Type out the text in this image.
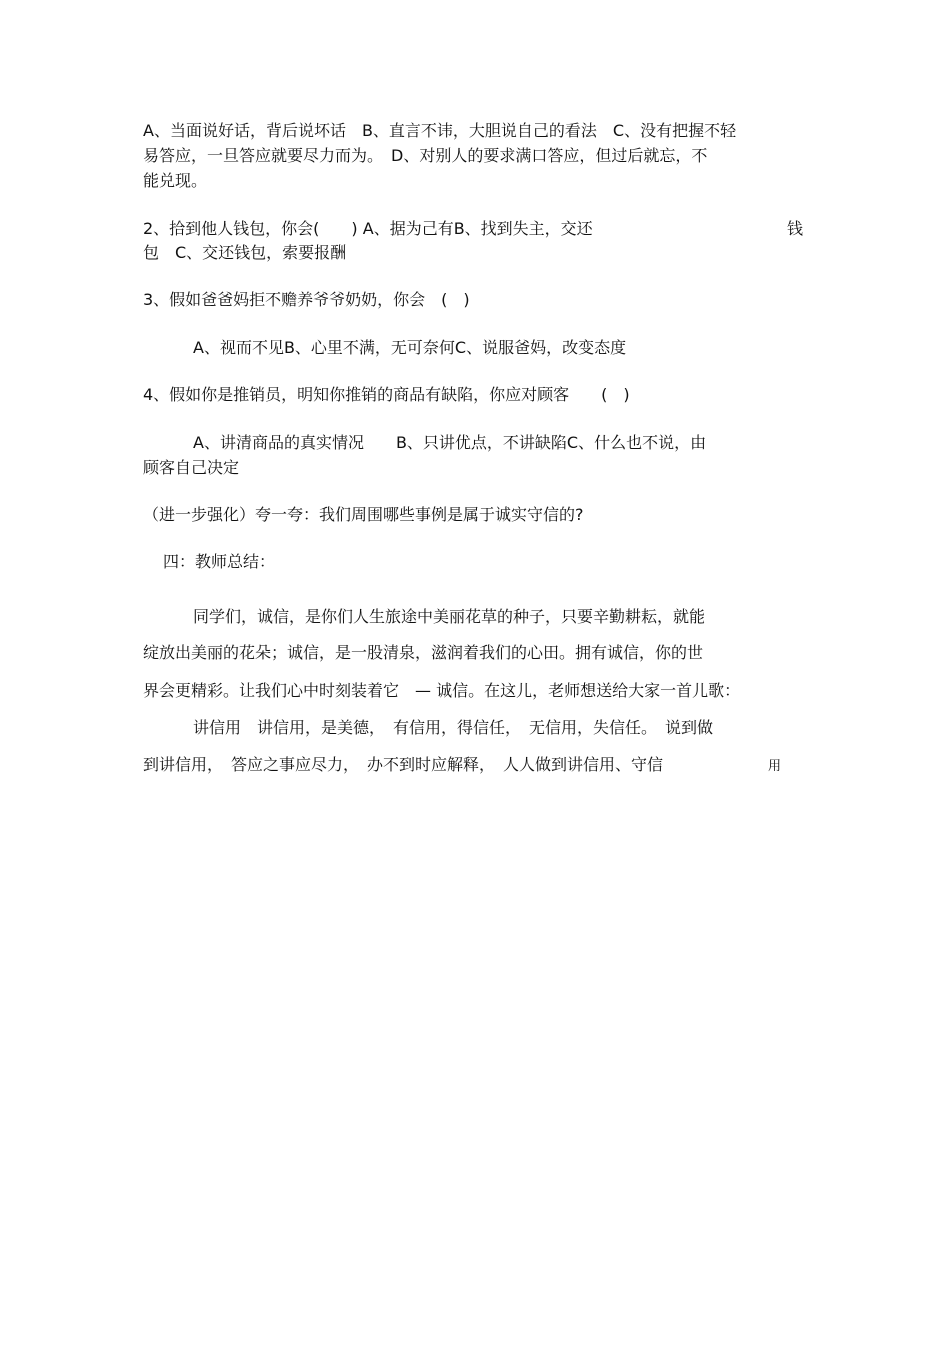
A、当面说好话，背后说坏话　B、直言不讳，大胆说自己的看法　C、没有把握不轻
易答应，一旦答应就要尽力而为。　D、对别人的要求满口答应，但过后就忘，不
能兑现。
2、拾到他人钱包，你会(　　) A、据为己有B、找到失主，交还	钱
包　C、交还钱包，索要报酬
3、假如爸爸妈拒不赡养爷爷奶奶，你会　(　)
A、视而不见B、心里不满，无可奈何C、说服爸妈，改变态度
4、假如你是推销员，明知你推销的商品有缺陷，你应对顾客　　(　)
A、讲清商品的真实情况　　B、只讲优点，不讲缺陷C、什么也不说，由
顾客自己决定
（进一步强化）夸一夸：我们周围哪些事例是属于诚实守信的?
四：教师总结：
同学们，诚信，是你们人生旅途中美丽花草的种子，只要辛勤耕耘，就能
绽放出美丽的花朵；诚信，是一股清泉，滋润着我们的心田。拥有诚信，你的世
界会更精彩。让我们心中时刻装着它　— 诚信。在这儿，老师想送给大家一首儿歌：
讲信用　讲信用，是美德，　有信用，得信任，　无信用，失信任。　说到做
到讲信用，　答应之事应尽力，　办不到时应解释，　人人做到讲信用、守信	用
